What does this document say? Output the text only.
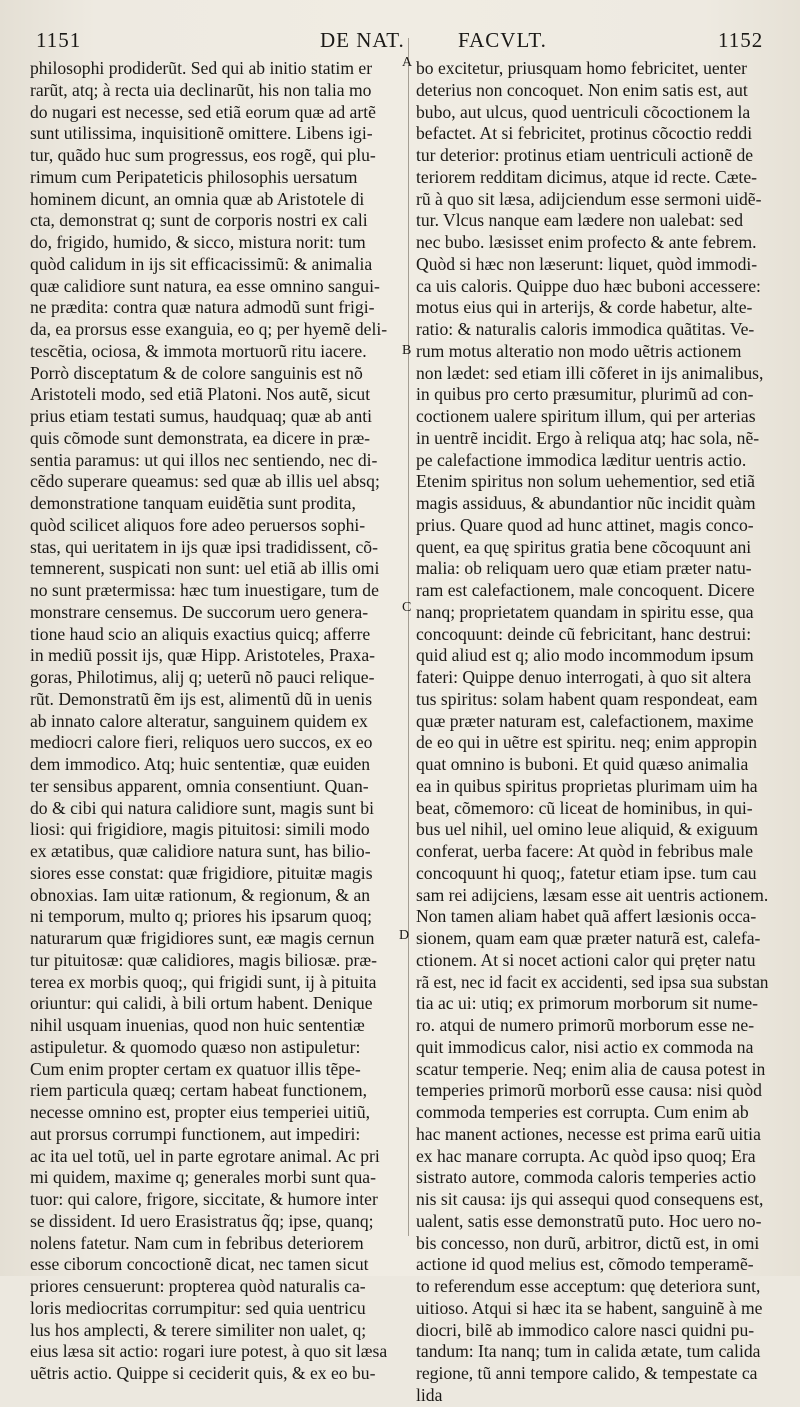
1151	DE NAT.	FACVLT.	1152
A
B
C
D
philosophi prodiderũt. Sed qui ab initio statim er
rarũt, atq; à recta uia declinarũt, his non talia mo
do nugari est necesse, sed etiã eorum quæ ad artẽ
sunt utilissima, inquisitionẽ omittere. Libens igi-
tur, quãdo huc sum progressus, eos rogẽ, qui plu-
rimum cum Peripateticis philosophis uersatum
hominem dicunt, an omnia quæ ab Aristotele di
cta, demonstrat q; sunt de corporis nostri ex cali
do, frigido, humido, & sicco, mistura norit: tum
quòd calidum in ijs sit efficacissimũ: & animalia
quæ calidiore sunt natura, ea esse omnino sangui-
ne prædita: contra quæ natura admodũ sunt frigi-
da, ea prorsus esse exanguia, eo q; per hyemẽ deli-
tescẽtia, ociosa, & immota mortuorũ ritu iacere.
Porrò disceptatum & de colore sanguinis est nõ
Aristoteli modo, sed etiã Platoni. Nos autẽ, sicut
prius etiam testati sumus, haudquaq; quæ ab anti
quis cõmode sunt demonstrata, ea dicere in præ-
sentia paramus: ut qui illos nec sentiendo, nec di-
cẽdo superare queamus: sed quæ ab illis uel absq;
demonstratione tanquam euidẽtia sunt prodita,
quòd scilicet aliquos fore adeo peruersos sophi-
stas, qui ueritatem in ijs quæ ipsi tradidissent, cõ-
temnerent, suspicati non sunt: uel etiã ab illis omi
no sunt prætermissa: hæc tum inuestigare, tum de
monstrare censemus. De succorum uero genera-
tione haud scio an aliquis exactius quicq; afferre
in mediũ possit ijs, quæ Hipp. Aristoteles, Praxa-
goras, Philotimus, alij q; ueterũ nõ pauci relique-
rũt. Demonstratũ ẽm ijs est, alimentũ dũ in uenis
ab innato calore alteratur, sanguinem quidem ex
mediocri calore fieri, reliquos uero succos, ex eo
dem immodico. Atq; huic sententiæ, quæ euiden
ter sensibus apparent, omnia consentiunt. Quan-
do & cibi qui natura calidiore sunt, magis sunt bi
liosi: qui frigidiore, magis pituitosi: simili modo
ex ætatibus, quæ calidiore natura sunt, has bilio-
siores esse constat: quæ frigidiore, pituitæ magis
obnoxias. Iam uitæ rationum, & regionum, & an
ni temporum, multo q; priores his ipsarum quoq;
naturarum quæ frigidiores sunt, eæ magis cernun
tur pituitosæ: quæ calidiores, magis biliosæ. præ-
terea ex morbis quoq;, qui frigidi sunt, ij à pituita
oriuntur: qui calidi, à bili ortum habent. Denique
nihil usquam inuenias, quod non huic sententiæ
astipuletur. & quomodo quæso non astipuletur:
Cum enim propter certam ex quatuor illis tẽpe-
riem particula quæq; certam habeat functionem,
necesse omnino est, propter eius temperiei uitiũ,
aut prorsus corrumpi functionem, aut impediri:
ac ita uel totũ, uel in parte egrotare animal. Ac pri
mi quidem, maxime q; generales morbi sunt qua-
tuor: qui calore, frigore, siccitate, & humore inter
se dissident. Id uero Erasistratus q̃q; ipse, quanq;
nolens fatetur. Nam cum in febribus deteriorem
esse ciborum concoctionẽ dicat, nec tamen sicut
priores censuerunt: propterea quòd naturalis ca-
loris mediocritas corrumpitur: sed quia uentricu
lus hos amplecti, & terere similiter non ualet, q;
eius læsa sit actio: rogari iure potest, à quo sit læsa
uẽtris actio. Quippe si ceciderit quis, & ex eo bu-
bo excitetur, priusquam homo febricitet, uenter
deterius non concoquet. Non enim satis est, aut
bubo, aut ulcus, quod uentriculi cõcoctionem la
befactet. At si febricitet, protinus cõcoctio reddi
tur deterior: protinus etiam uentriculi actionẽ de
teriorem redditam dicimus, atque id recte. Cæte-
rũ à quo sit læsa, adijciendum esse sermoni uidẽ-
tur. Vlcus nanque eam lædere non ualebat: sed
nec bubo. læsisset enim profecto & ante febrem.
Quòd si hæc non læserunt: liquet, quòd immodi-
ca uis caloris. Quippe duo hæc buboni accessere:
motus eius qui in arterijs, & corde habetur, alte-
ratio: & naturalis caloris immodica quãtitas. Ve-
rum motus alteratio non modo uẽtris actionem
non lædet: sed etiam illi cõferet in ijs animalibus,
in quibus pro certo præsumitur, plurimũ ad con-
coctionem ualere spiritum illum, qui per arterias
in uentrẽ incidit. Ergo à reliqua atq; hac sola, nẽ-
pe calefactione immodica læditur uentris actio.
Etenim spiritus non solum uehementior, sed etiã
magis assiduus, & abundantior nũc incidit quàm
prius. Quare quod ad hunc attinet, magis conco-
quent, ea quę spiritus gratia bene cõcoquunt ani
malia: ob reliquam uero quæ etiam præter natu-
ram est calefactionem, male concoquent. Dicere
nanq; proprietatem quandam in spiritu esse, qua
concoquunt: deinde cũ febricitant, hanc destrui:
quid aliud est q; alio modo incommodum ipsum
fateri: Quippe denuo interrogati, à quo sit altera
tus spiritus: solam habent quam respondeat, eam
quæ præter naturam est, calefactionem, maxime
de eo qui in uẽtre est spiritu. neq; enim appropin
quat omnino is buboni. Et quid quæso animalia
ea in quibus spiritus proprietas plurimam uim ha
beat, cõmemoro: cũ liceat de hominibus, in qui-
bus uel nihil, uel omino leue aliquid, & exiguum
conferat, uerba facere: At quòd in febribus male
concoquunt hi quoq;, fatetur etiam ipse. tum cau
sam rei adijciens, læsam esse ait uentris actionem.
Non tamen aliam habet quã affert læsionis occa-
sionem, quam eam quæ præter naturã est, calefa-
ctionem. At si nocet actioni calor qui pręter natu
rã est, nec id facit ex accidenti, sed ipsa sua substan
tia ac ui: utiq; ex primorum morborum sit nume-
ro. atqui de numero primorũ morborum esse ne-
quit immodicus calor, nisi actio ex commoda na
scatur temperie. Neq; enim alia de causa potest in
temperies primorũ morborũ esse causa: nisi quòd
commoda temperies est corrupta. Cum enim ab
hac manent actiones, necesse est prima earũ uitia
ex hac manare corrupta. Ac quòd ipso quoq; Era
sistrato autore, commoda caloris temperies actio
nis sit causa: ijs qui assequi quod consequens est,
ualent, satis esse demonstratũ puto. Hoc uero no-
bis concesso, non durũ, arbitror, dictũ est, in omi
actione id quod melius est, cõmodo temperamẽ-
to referendum esse acceptum: quę deteriora sunt,
uitioso. Atqui si hæc ita se habent, sanguinẽ à me
diocri, bilẽ ab immodico calore nasci quidni pu-
tandum: Ita nanq; tum in calida ætate, tum calida
regione, tũ anni tempore calido, & tempestate ca
lida
